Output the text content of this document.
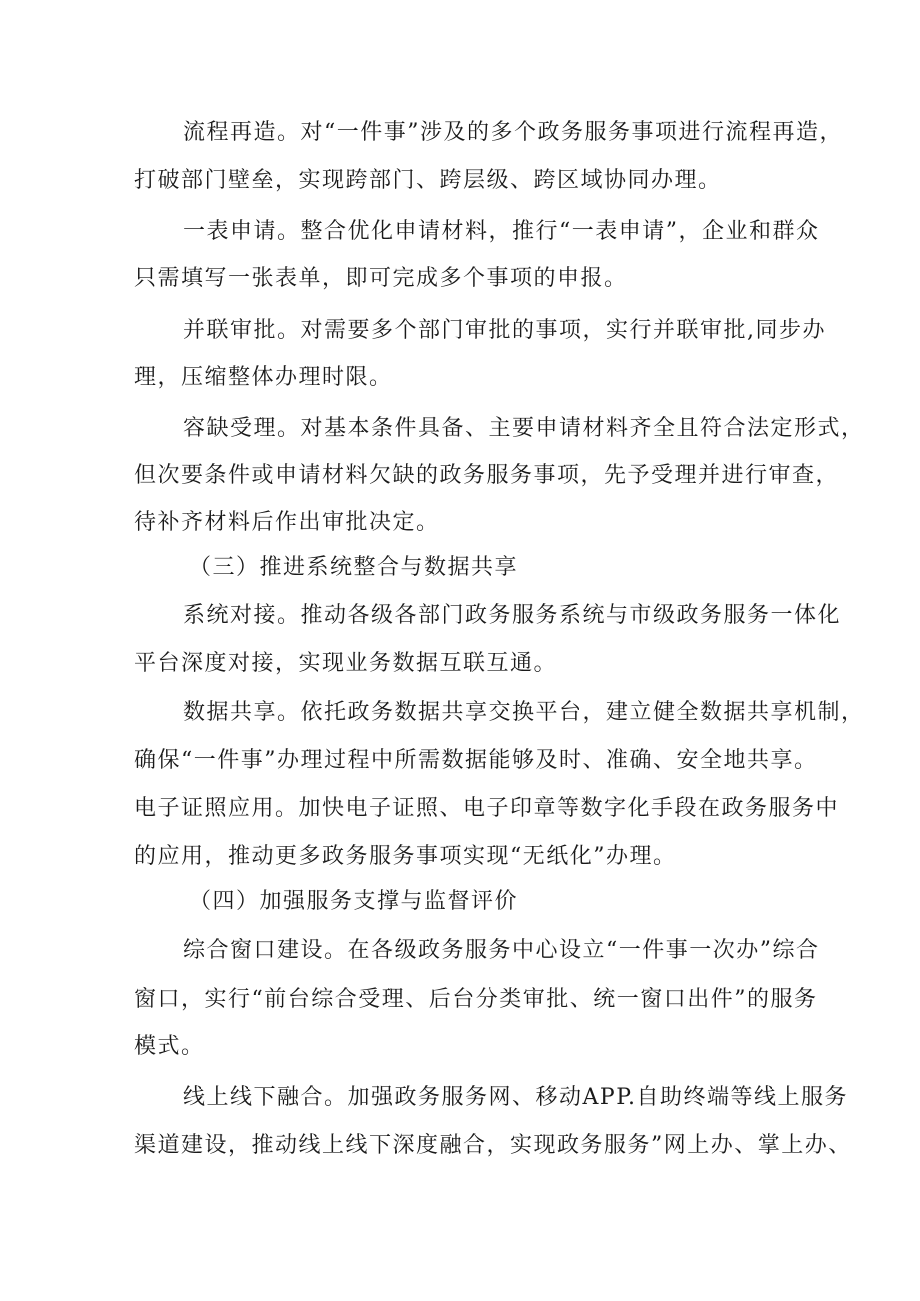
流程再造。对“一件事”涉及的多个政务服务事项进行流程再造，
打破部门壁垒，实现跨部门、跨层级、跨区域协同办理。
一表申请。整合优化申请材料，推行“一表申请”，企业和群众
只需填写一张表单，即可完成多个事项的申报。
并联审批。对需要多个部门审批的事项，实行并联审批,同步办
理，压缩整体办理时限。
容缺受理。对基本条件具备、主要申请材料齐全且符合法定形式，
但次要条件或申请材料欠缺的政务服务事项，先予受理并进行审查，
待补齐材料后作出审批决定。
（三）推进系统整合与数据共享
系统对接。推动各级各部门政务服务系统与市级政务服务一体化
平台深度对接，实现业务数据互联互通。
数据共享。依托政务数据共享交换平台，建立健全数据共享机制，
确保“一件事”办理过程中所需数据能够及时、准确、安全地共享。
电子证照应用。加快电子证照、电子印章等数字化手段在政务服务中
的应用，推动更多政务服务事项实现“无纸化”办理。
（四）加强服务支撑与监督评价
综合窗口建设。在各级政务服务中心设立“一件事一次办”综合
窗口，实行“前台综合受理、后台分类审批、统一窗口出件”的服务
模式。
线上线下融合。加强政务服务网、移动APP.自助终端等线上服务
渠道建设，推动线上线下深度融合，实现政务服务”网上办、掌上办、
